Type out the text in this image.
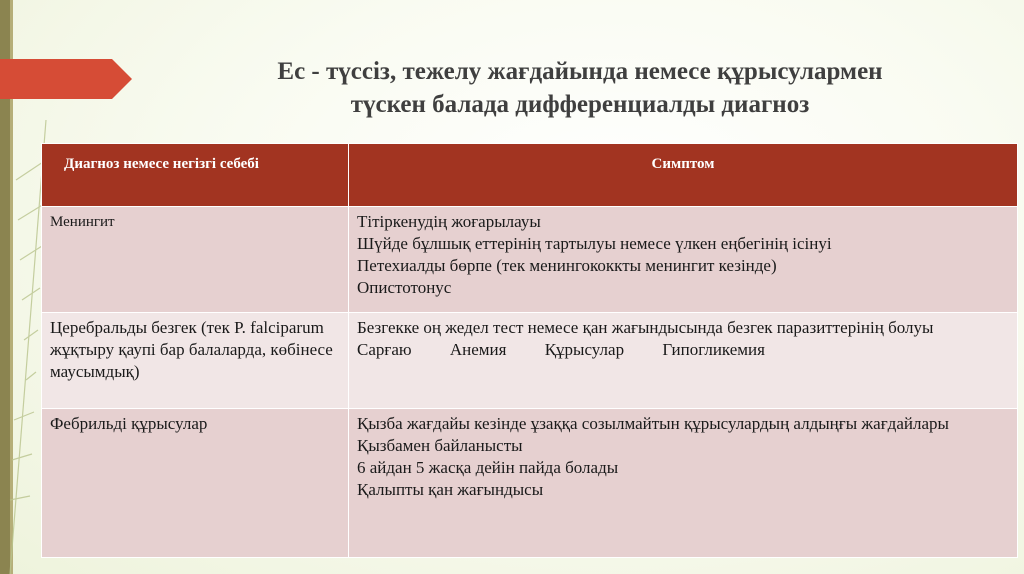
Ес - түссіз, тежелу жағдайында немесе құрысулармен
түскен балада дифференциалды диагноз
Диагноз немесе негізгі себебі	Симптом

Менингит	Тітіркенудің жоғарылауы
Шүйде бұлшық еттерінің тартылуы немесе үлкен еңбегінің ісінуі
Петехиалды бөрпе (тек менингококкты менингит кезінде)
Опистотонус

Церебральды безгек (тек P. falciparum жұқтыру қаупі бар балаларда, көбінесе маусымдық)	Безгекке оң жедел тест немесе қан жағындысында безгек паразиттерінің болуы
Сарғаю Анемия Құрысулар Гипогликемия

Фебрильді құрысулар	Қызба жағдайы кезінде ұзаққа созылмайтын құрысулардың алдыңғы жағдайлары
Қызбамен байланысты
6 айдан 5 жасқа дейін пайда болады
Қалыпты қан жағындысы
